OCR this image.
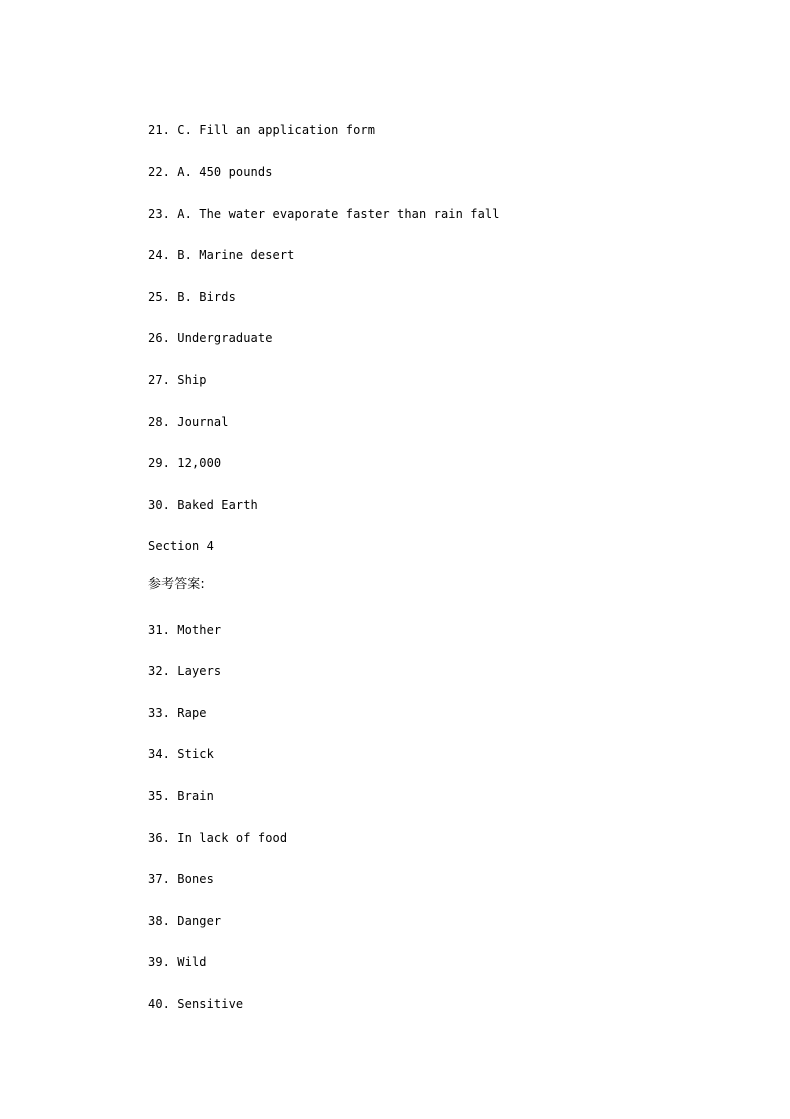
21. C. Fill an application form
22. A. 450 pounds
23. A. The water evaporate faster than rain fall
24. B. Marine desert
25. B. Birds
26. Undergraduate
27. Ship
28. Journal
29. 12,000
30. Baked Earth
Section 4
参考答案:
31. Mother
32. Layers
33. Rape
34. Stick
35. Brain
36. In lack of food
37. Bones
38. Danger
39. Wild
40. Sensitive
